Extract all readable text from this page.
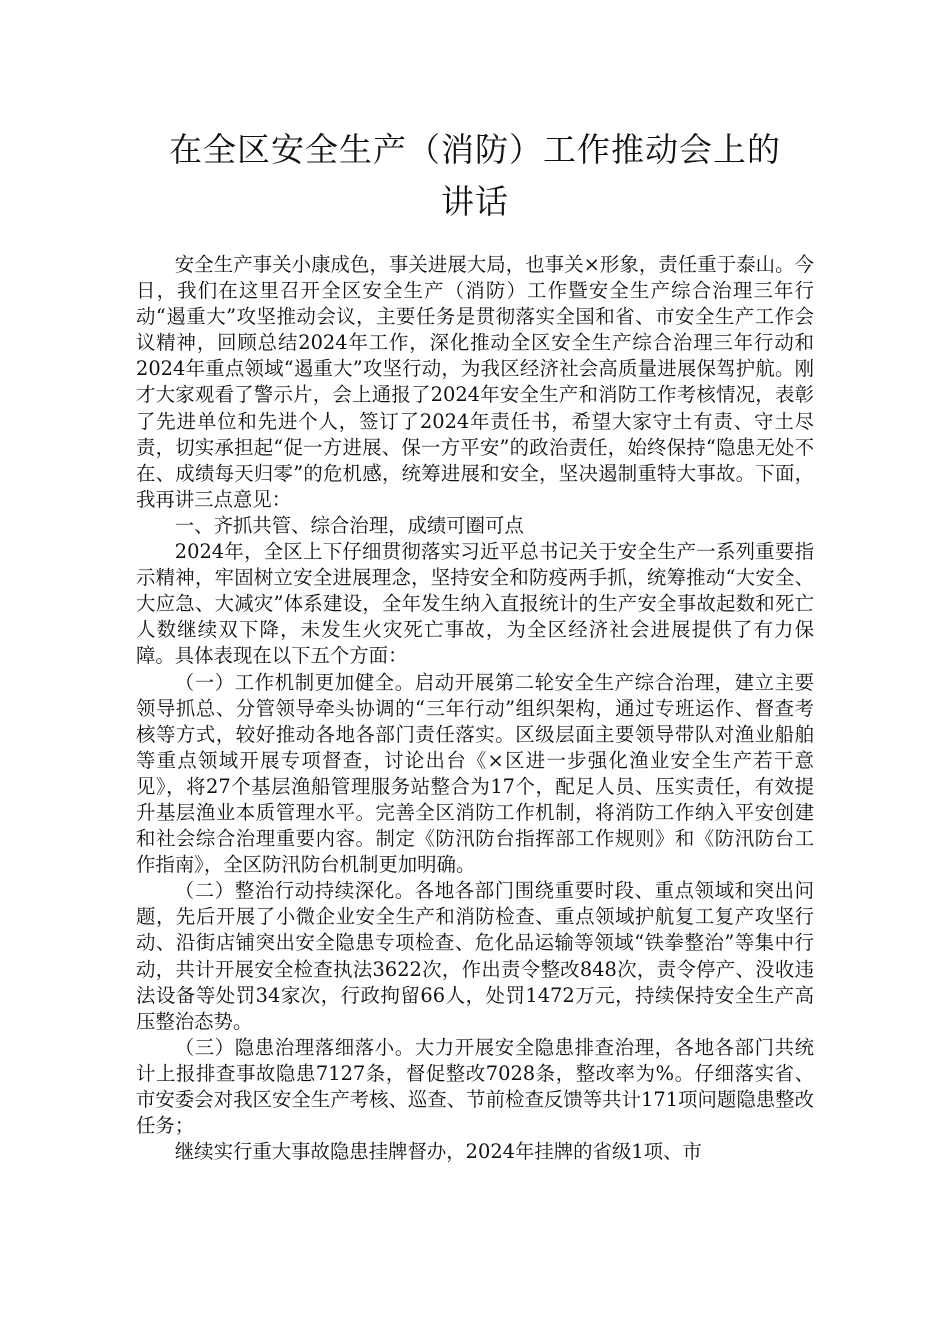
在全区安全生产（消防）工作推动会上的
讲话

安全生产事关小康成色，事关进展大局，也事关×形象，责任重于泰山。今日，我们在这里召开全区安全生产（消防）工作暨安全生产综合治理三年行动“遏重大”攻坚推动会议，主要任务是贯彻落实全国和省、市安全生产工作会议精神，回顾总结2024年工作，深化推动全区安全生产综合治理三年行动和2024年重点领域“遏重大”攻坚行动，为我区经济社会高质量进展保驾护航。刚才大家观看了警示片，会上通报了2024年安全生产和消防工作考核情况，表彰了先进单位和先进个人，签订了2024年责任书，希望大家守土有责、守土尽责，切实承担起“促一方进展、保一方平安”的政治责任，始终保持“隐患无处不在、成绩每天归零”的危机感，统筹进展和安全，坚决遏制重特大事故。下面，我再讲三点意见：

一、齐抓共管、综合治理，成绩可圈可点

2024年，全区上下仔细贯彻落实习近平总书记关于安全生产一系列重要指示精神，牢固树立安全进展理念，坚持安全和防疫两手抓，统筹推动“大安全、大应急、大减灾”体系建设，全年发生纳入直报统计的生产安全事故起数和死亡人数继续双下降，未发生火灾死亡事故，为全区经济社会进展提供了有力保障。具体表现在以下五个方面：

（一）工作机制更加健全。启动开展第二轮安全生产综合治理，建立主要领导抓总、分管领导牵头协调的“三年行动”组织架构，通过专班运作、督查考核等方式，较好推动各地各部门责任落实。区级层面主要领导带队对渔业船舶等重点领域开展专项督查，讨论出台《×区进一步强化渔业安全生产若干意见》，将27个基层渔船管理服务站整合为17个，配足人员、压实责任，有效提升基层渔业本质管理水平。完善全区消防工作机制，将消防工作纳入平安创建和社会综合治理重要内容。制定《防汛防台指挥部工作规则》和《防汛防台工作指南》，全区防汛防台机制更加明确。

（二）整治行动持续深化。各地各部门围绕重要时段、重点领域和突出问题，先后开展了小微企业安全生产和消防检查、重点领域护航复工复产攻坚行动、沿街店铺突出安全隐患专项检查、危化品运输等领域“铁拳整治”等集中行动，共计开展安全检查执法3622次，作出责令整改848次，责令停产、没收违法设备等处罚34家次，行政拘留66人，处罚1472万元，持续保持安全生产高压整治态势。

（三）隐患治理落细落小。大力开展安全隐患排查治理，各地各部门共统计上报排查事故隐患7127条，督促整改7028条，整改率为%。仔细落实省、市安委会对我区安全生产考核、巡查、节前检查反馈等共计171项问题隐患整改任务；

继续实行重大事故隐患挂牌督办，2024年挂牌的省级1项、市
